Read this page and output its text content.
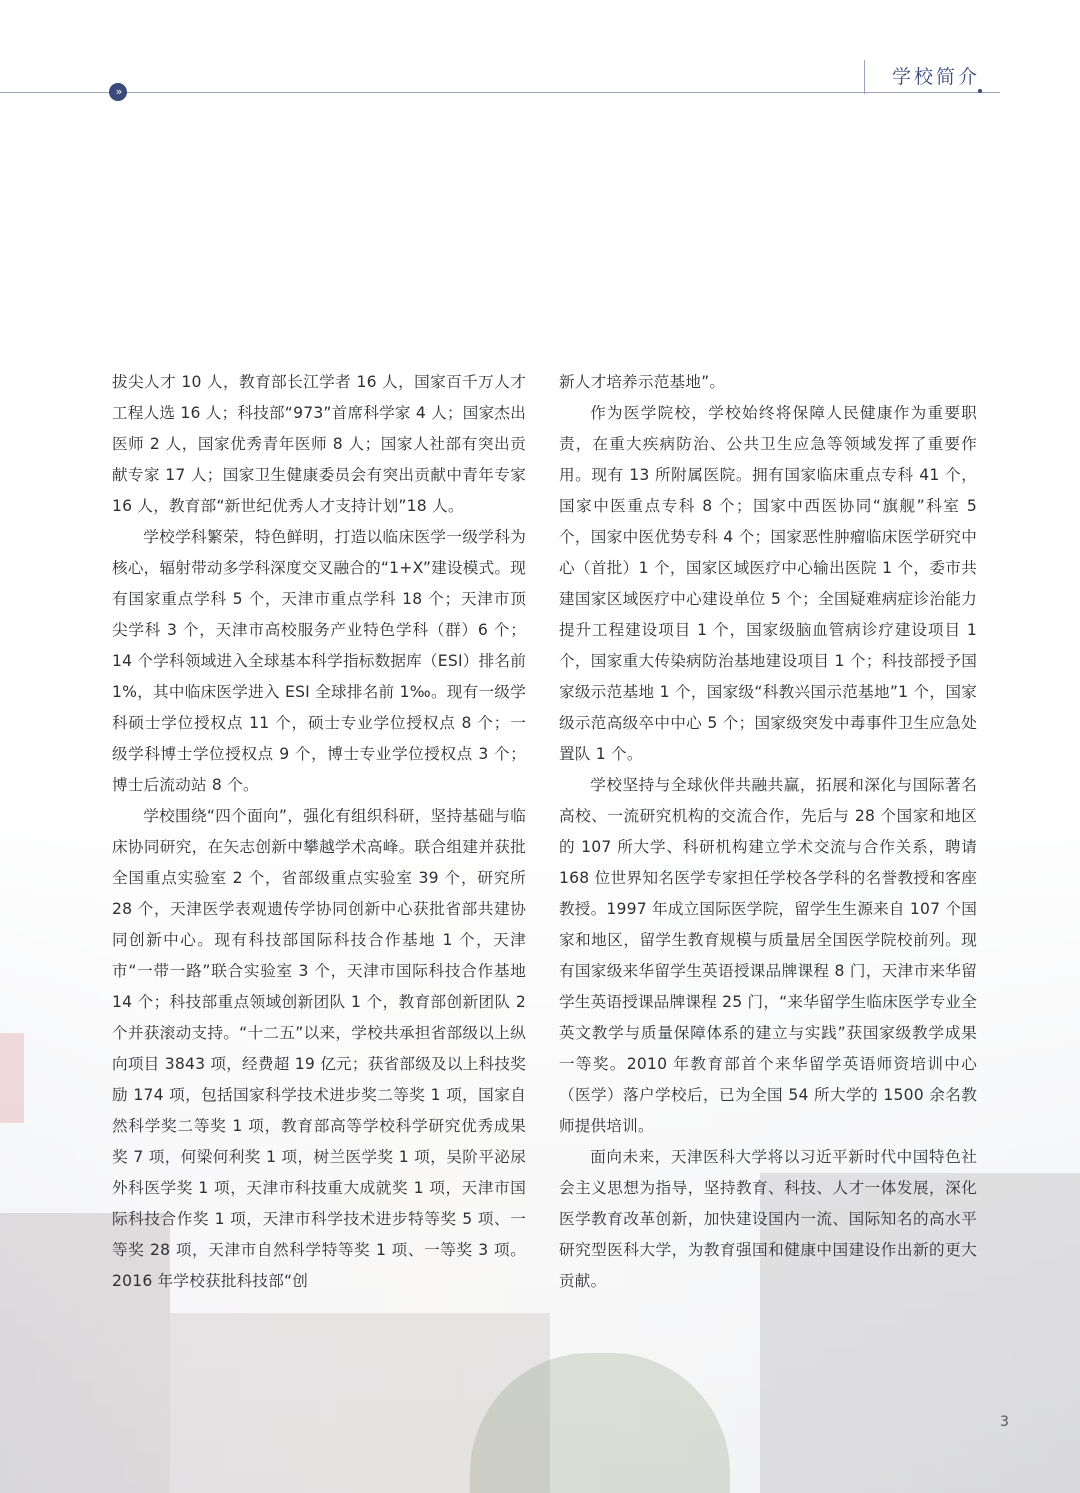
››
学校简介

拔尖人才 10 人，教育部长江学者 16 人，国家百千万人才工程人选 16 人；科技部“973”首席科学家 4 人；国家杰出医师 2 人，国家优秀青年医师 8 人；国家人社部有突出贡献专家 17 人；国家卫生健康委员会有突出贡献中青年专家 16 人，教育部“新世纪优秀人才支持计划”18 人。

学校学科繁荣，特色鲜明，打造以临床医学一级学科为核心，辐射带动多学科深度交叉融合的“1+X”建设模式。现有国家重点学科 5 个，天津市重点学科 18 个；天津市顶尖学科 3 个，天津市高校服务产业特色学科（群）6 个；14 个学科领域进入全球基本科学指标数据库（ESI）排名前 1%，其中临床医学进入 ESI 全球排名前 1‰。现有一级学科硕士学位授权点 11 个，硕士专业学位授权点 8 个；一级学科博士学位授权点 9 个，博士专业学位授权点 3 个；博士后流动站 8 个。

学校围绕“四个面向”，强化有组织科研，坚持基础与临床协同研究，在矢志创新中攀越学术高峰。联合组建并获批全国重点实验室 2 个，省部级重点实验室 39 个，研究所 28 个，天津医学表观遗传学协同创新中心获批省部共建协同创新中心。现有科技部国际科技合作基地 1 个，天津市“一带一路”联合实验室 3 个，天津市国际科技合作基地 14 个；科技部重点领域创新团队 1 个，教育部创新团队 2 个并获滚动支持。“十二五”以来，学校共承担省部级以上纵向项目 3843 项，经费超 19 亿元；获省部级及以上科技奖励 174 项，包括国家科学技术进步奖二等奖 1 项，国家自然科学奖二等奖 1 项，教育部高等学校科学研究优秀成果奖 7 项，何梁何利奖 1 项，树兰医学奖 1 项，吴阶平泌尿外科医学奖 1 项，天津市科技重大成就奖 1 项，天津市国际科技合作奖 1 项，天津市科学技术进步特等奖 5 项、一等奖 28 项，天津市自然科学特等奖 1 项、一等奖 3 项。2016 年学校获批科技部“创

新人才培养示范基地”。

作为医学院校，学校始终将保障人民健康作为重要职责，在重大疾病防治、公共卫生应急等领域发挥了重要作用。现有 13 所附属医院。拥有国家临床重点专科 41 个，国家中医重点专科 8 个；国家中西医协同“旗舰”科室 5 个，国家中医优势专科 4 个；国家恶性肿瘤临床医学研究中心（首批）1 个，国家区域医疗中心输出医院 1 个，委市共建国家区域医疗中心建设单位 5 个；全国疑难病症诊治能力提升工程建设项目 1 个，国家级脑血管病诊疗建设项目 1 个，国家重大传染病防治基地建设项目 1 个；科技部授予国家级示范基地 1 个，国家级“科教兴国示范基地”1 个，国家级示范高级卒中中心 5 个；国家级突发中毒事件卫生应急处置队 1 个。

学校坚持与全球伙伴共融共赢，拓展和深化与国际著名高校、一流研究机构的交流合作，先后与 28 个国家和地区的 107 所大学、科研机构建立学术交流与合作关系，聘请 168 位世界知名医学专家担任学校各学科的名誉教授和客座教授。1997 年成立国际医学院，留学生生源来自 107 个国家和地区，留学生教育规模与质量居全国医学院校前列。现有国家级来华留学生英语授课品牌课程 8 门，天津市来华留学生英语授课品牌课程 25 门，“来华留学生临床医学专业全英文教学与质量保障体系的建立与实践”获国家级教学成果一等奖。2010 年教育部首个来华留学英语师资培训中心（医学）落户学校后，已为全国 54 所大学的 1500 余名教师提供培训。

面向未来，天津医科大学将以习近平新时代中国特色社会主义思想为指导，坚持教育、科技、人才一体发展，深化医学教育改革创新，加快建设国内一流、国际知名的高水平研究型医科大学，为教育强国和健康中国建设作出新的更大贡献。

3
